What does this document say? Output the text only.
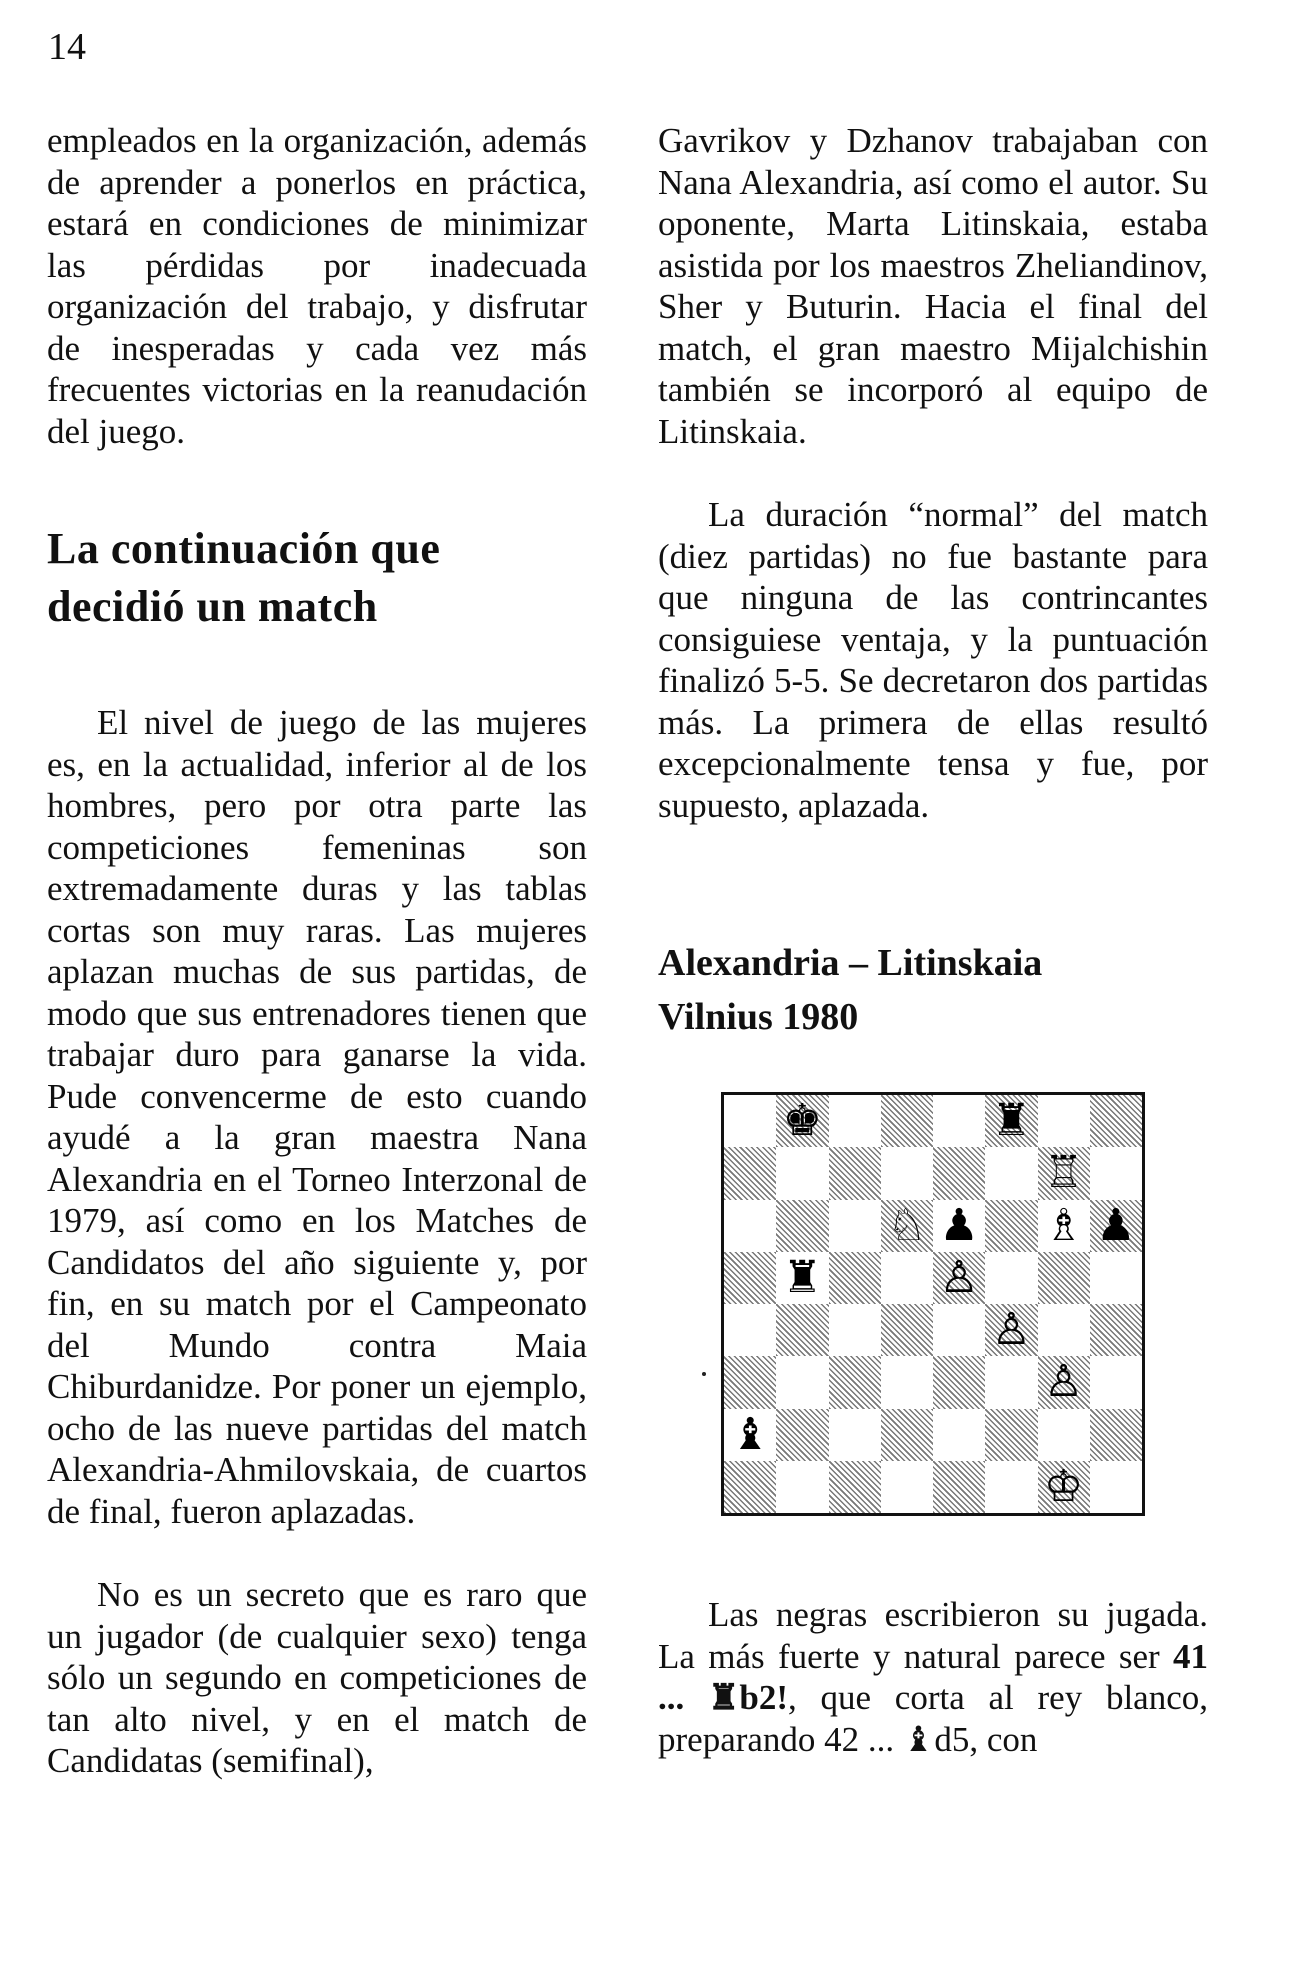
14

empleados en la organización, además de aprender a ponerlos en práctica, estará en condiciones de minimizar las pérdidas por inadecuada organización del trabajo, y disfrutar de inesperadas y cada vez más frecuentes victorias en la reanudación del juego.

La continuación que
decidió un match

El nivel de juego de las mujeres es, en la actualidad, inferior al de los hombres, pero por otra parte las competiciones femeninas son extremadamente duras y las tablas cortas son muy raras. Las mujeres aplazan muchas de sus partidas, de modo que sus entrenadores tienen que trabajar duro para ganarse la vida. Pude convencerme de esto cuando ayudé a la gran maestra Nana Alexandria en el Torneo Interzonal de 1979, así como en los Matches de Candidatos del año siguiente y, por fin, en su match por el Campeonato del Mundo contra Maia Chiburdanidze. Por poner un ejemplo, ocho de las nueve partidas del match Alexandria-Ahmilovskaia, de cuartos de final, fueron aplazadas.

No es un secreto que es raro que un jugador (de cualquier sexo) tenga sólo un segundo en competiciones de tan alto nivel, y en el match de Candidatas (semifinal),

Gavrikov y Dzhanov trabajaban con Nana Alexandria, así como el autor. Su oponente, Marta Litinskaia, estaba asistida por los maestros Zheliandinov, Sher y Buturin. Hacia el final del match, el gran maestro Mijalchishin también se incorporó al equipo de Litinskaia.

La duración “normal” del match (diez partidas) no fue bastante para que ninguna de las contrincantes consiguiese ventaja, y la puntuación finalizó 5-5. Se decretaron dos partidas más. La primera de ellas resultó excepcionalmente tensa y fue, por supuesto, aplazada.

Alexandria – Litinskaia
Vilnius 1980
♚	♜
♖
♘ ♟ ♗ ♟
♜	♙
♙
♙
♝
♔

Las negras escribieron su jugada. La más fuerte y natural parece ser 41 ... ♜b2!, que corta al rey blanco, preparando 42 ... ♝d5, con
